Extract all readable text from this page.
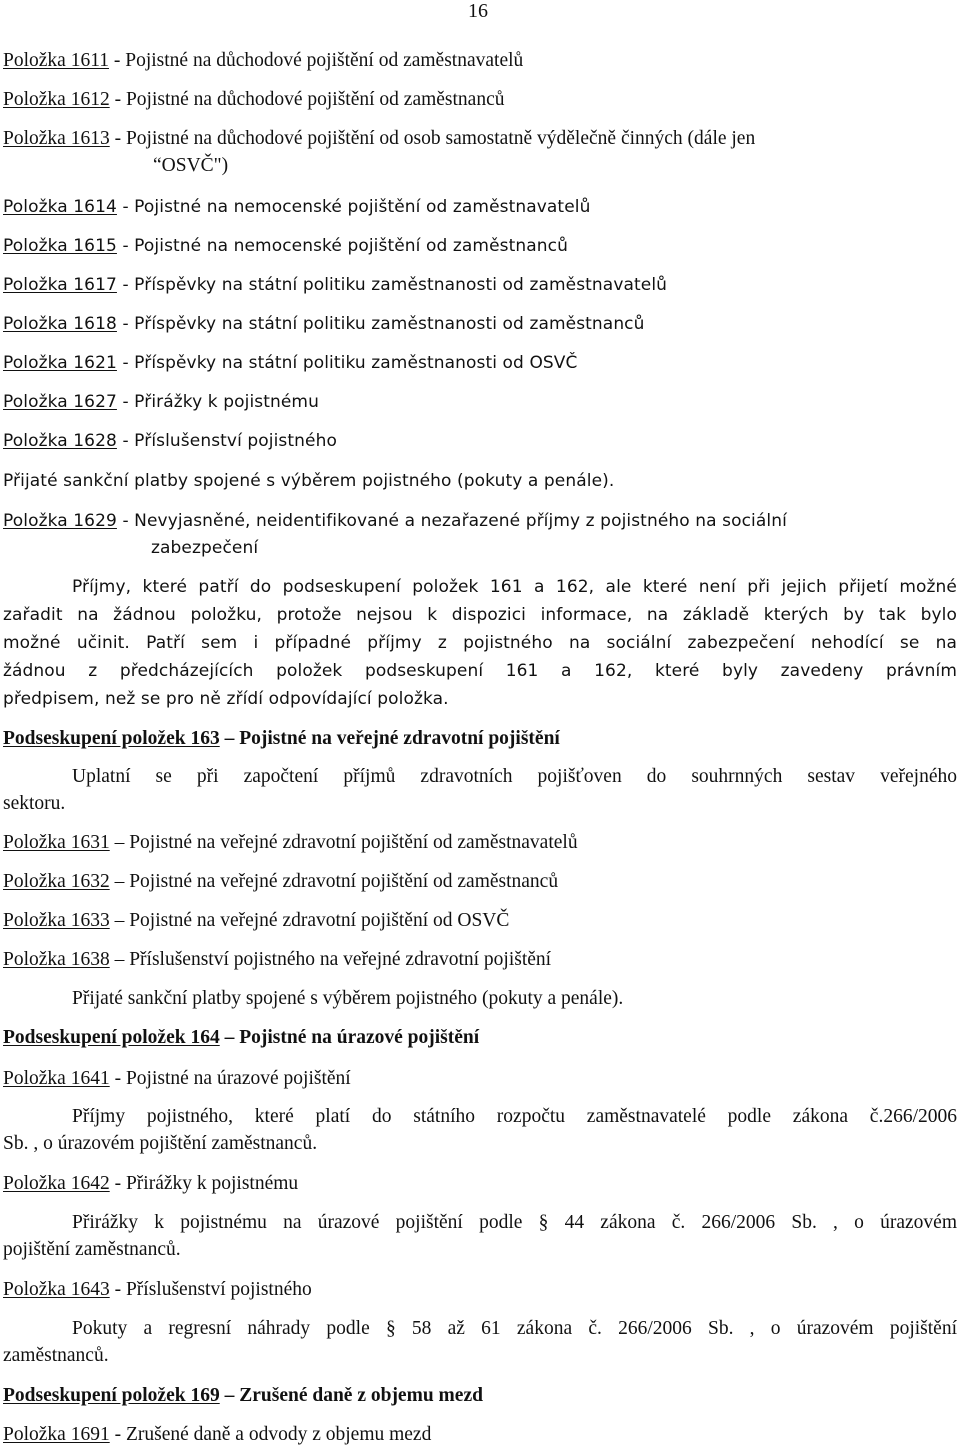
16
Položka 1611 - Pojistné na důchodové pojištění od zaměstnavatelů
Položka 1612 - Pojistné na důchodové pojištění od zaměstnanců
Položka 1613 - Pojistné na důchodové pojištění od osob samostatně výdělečně činných (dále jen
“OSVČ")
Položka 1614 - Pojistné na nemocenské pojištění od zaměstnavatelů
Položka 1615 - Pojistné na nemocenské pojištění od zaměstnanců
Položka 1617 - Příspěvky na státní politiku zaměstnanosti od zaměstnavatelů
Položka 1618 - Příspěvky na státní politiku zaměstnanosti od zaměstnanců
Položka 1621 - Příspěvky na státní politiku zaměstnanosti od OSVČ
Položka 1627 - Přirážky k pojistnému
Položka 1628 - Příslušenství pojistného
Přijaté sankční platby spojené s výběrem pojistného (pokuty a penále).
Položka 1629 - Nevyjasněné, neidentifikované a nezařazené příjmy z pojistného na sociální
zabezpečení
Příjmy, které patří do podseskupení položek 161 a 162, ale které není při jejich přijetí možné
zařadit na žádnou položku, protože nejsou k dispozici informace, na základě kterých by tak bylo
možné učinit. Patří sem i případné příjmy z pojistného na sociální zabezpečení nehodící se na
žádnou z předcházejících položek podseskupení 161 a 162, které byly zavedeny právním
předpisem, než se pro ně zřídí odpovídající položka.
Podseskupení položek 163 – Pojistné na veřejné zdravotní pojištění
Uplatní se při započtení příjmů zdravotních pojišťoven do souhrnných sestav veřejného
sektoru.
Položka 1631 – Pojistné na veřejné zdravotní pojištění od zaměstnavatelů
Položka 1632 – Pojistné na veřejné zdravotní pojištění od zaměstnanců
Položka 1633 – Pojistné na veřejné zdravotní pojištění od OSVČ
Položka 1638 – Příslušenství pojistného na veřejné zdravotní pojištění
Přijaté sankční platby spojené s výběrem pojistného (pokuty a penále).
Podseskupení položek 164 – Pojistné na úrazové pojištění
Položka 1641 - Pojistné na úrazové pojištění
Příjmy pojistného, které platí do státního rozpočtu zaměstnavatelé podle zákona č.266/2006
Sb. , o úrazovém pojištění zaměstnanců.
Položka 1642 - Přirážky k pojistnému
Přirážky k pojistnému na úrazové pojištění podle § 44 zákona č. 266/2006 Sb. , o úrazovém
pojištění zaměstnanců.
Položka 1643 - Příslušenství pojistného
Pokuty a regresní náhrady podle § 58 až 61 zákona č. 266/2006 Sb. , o úrazovém pojištění
zaměstnanců.
Podseskupení položek 169 – Zrušené daně z objemu mezd
Položka 1691 - Zrušené daně a odvody z objemu mezd
